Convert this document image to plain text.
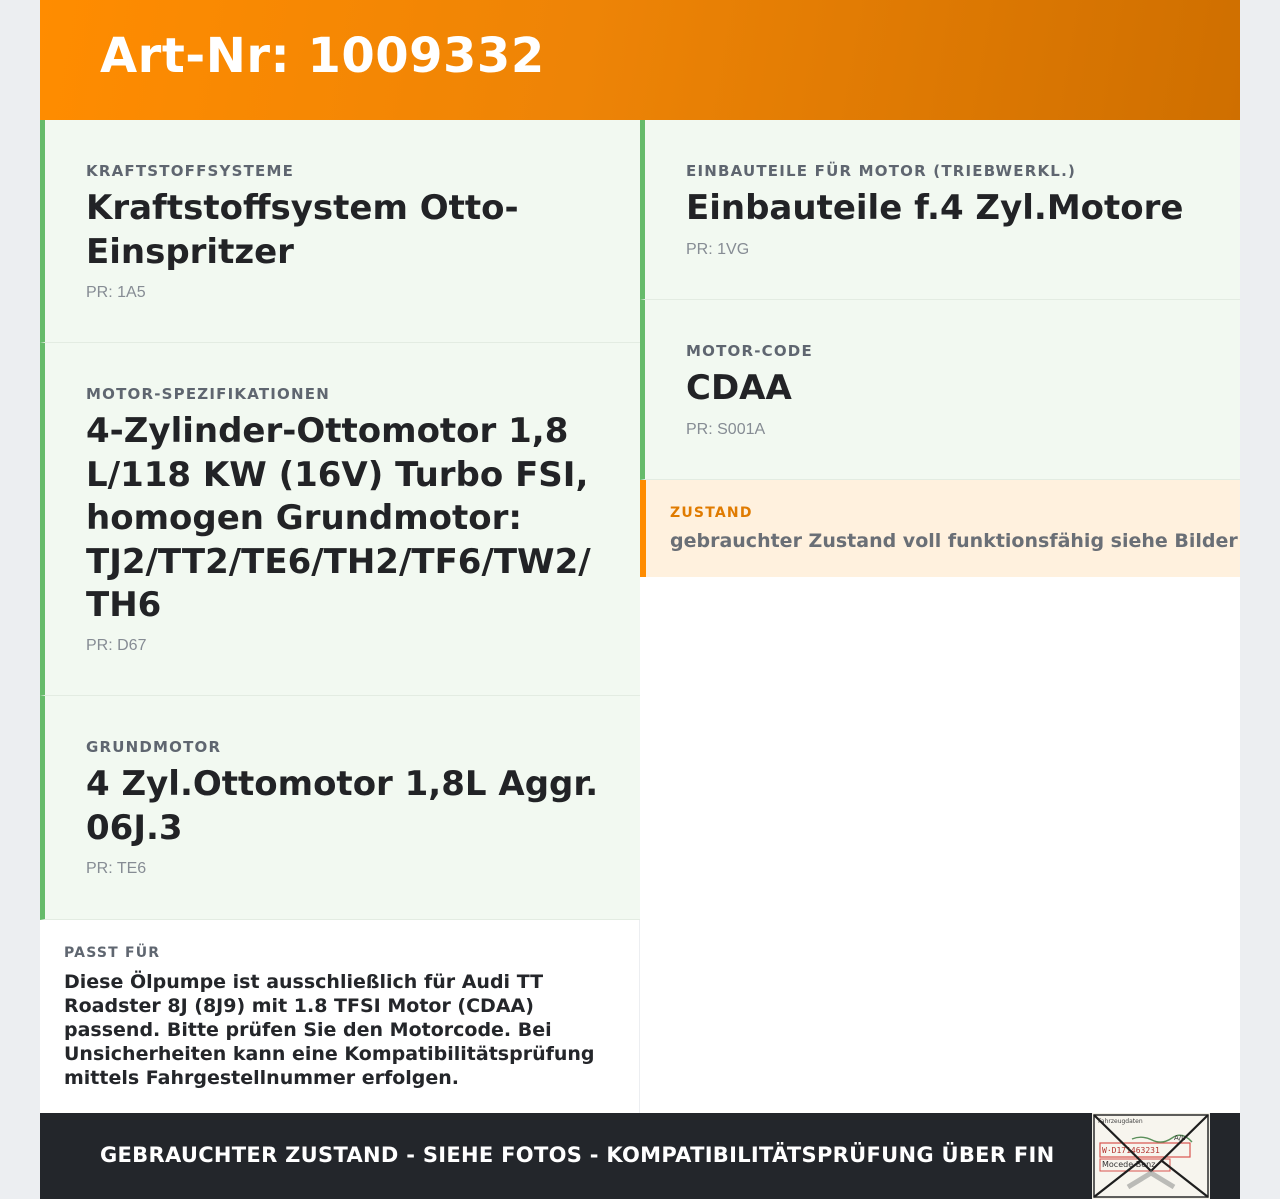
Art-Nr: 1009332
KRAFTSTOFFSYSTEME
Kraftstoffsystem Otto-Einspritzer
PR: 1A5
MOTOR-SPEZIFIKATIONEN
4-Zylinder-Ottomotor 1,8 L/118 KW (16V) Turbo FSI, homogen Grundmotor: TJ2/TT2/TE6/TH2/TF6/TW2/TH6
PR: D67
GRUNDMOTOR
4 Zyl.Ottomotor 1,8L Aggr. 06J.3
PR: TE6
EINBAUTEILE FÜR MOTOR (TRIEBWERKL.)
Einbauteile f.4 Zyl.Motore
PR: 1VG
MOTOR-CODE
CDAA
PR: S001A
ZUSTAND
gebrauchter Zustand voll funktionsfähig siehe Bilder
PASST FÜR
Diese Ölpumpe ist ausschließlich für Audi TT Roadster 8J (8J9) mit 1.8 TFSI Motor (CDAA) passend. Bitte prüfen Sie den Motorcode. Bei Unsicherheiten kann eine Kompatibilitätsprüfung mittels Fahrgestellnummer erfolgen.
GEBRAUCHTER ZUSTAND - SIEHE FOTOS - KOMPATIBILITÄTSPRÜFUNG ÜBER FIN
Fahrzeugdaten
W·D171463231
Mocede-Benz
A/L
